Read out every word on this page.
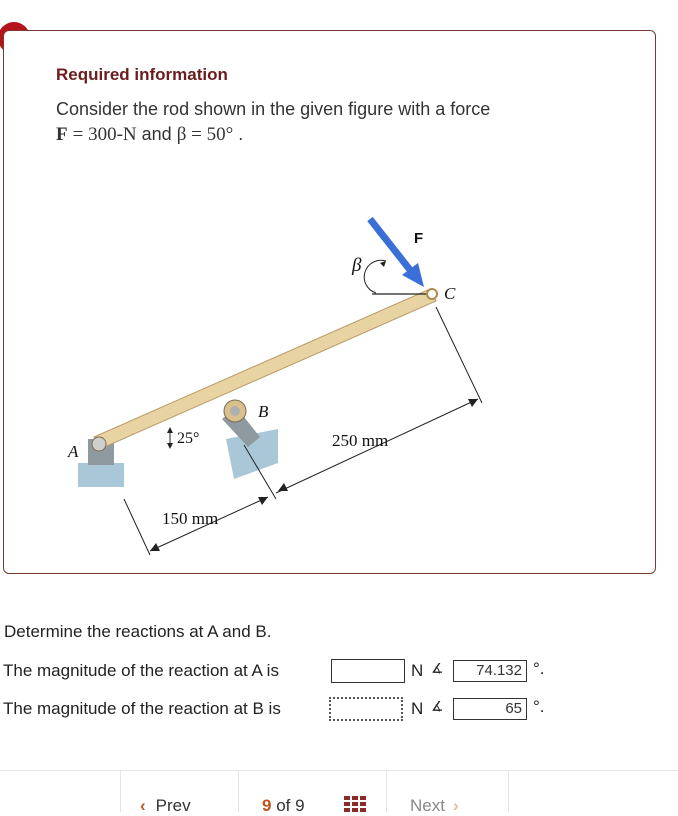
Required information
Consider the rod shown in the given figure with a force
F = 300-N and β = 50° .
F
β
C
B
A
25°	250 mm
150 mm
Determine the reactions at A and B.
The magnitude of the reaction at A is	N ∡	74.132 °.
The magnitude of the reaction at B is	N ∡	65 °.
‹ Prev	9 of 9	Next ›
